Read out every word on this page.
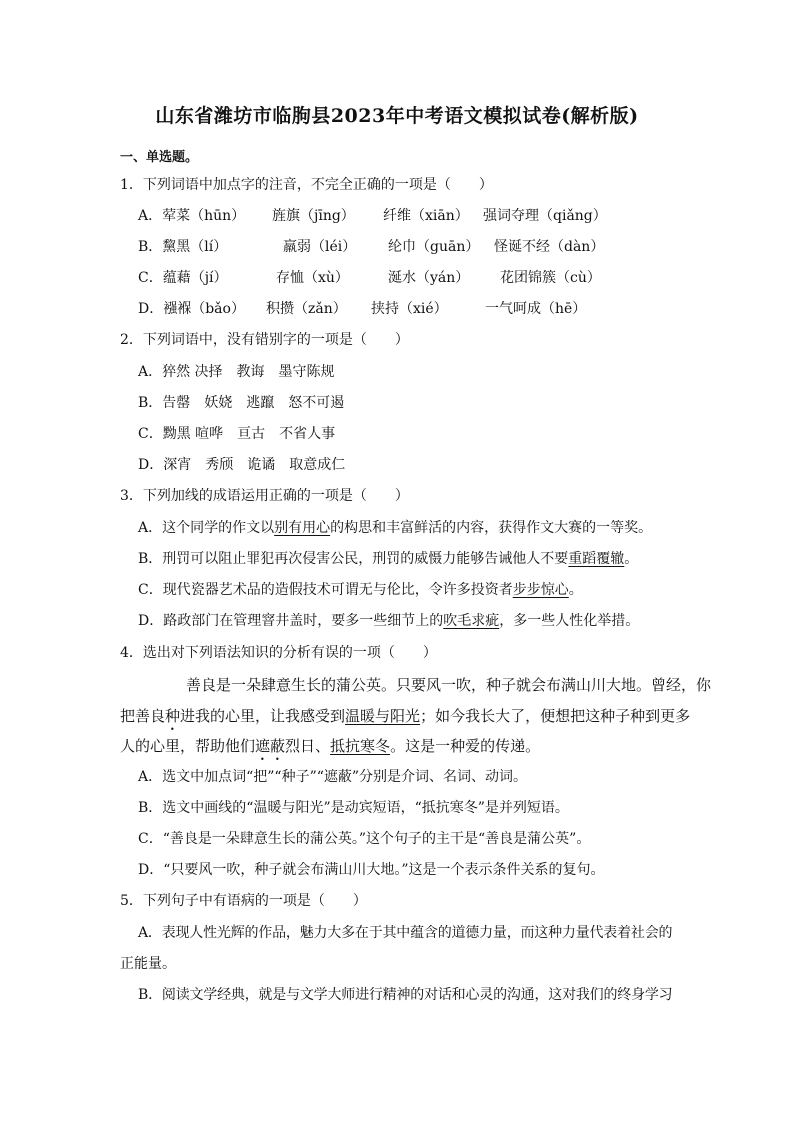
山东省潍坊市临朐县2023年中考语文模拟试卷(解析版)
一、单选题。
1．下列词语中加点字的注音，不完全正确的一项是（　　）
A．荤菜（hūn） 旌旗（jīng） 纤维（xiān） 强词夺理（qiǎng）
B．黧黑（lí）	羸弱（léi） 纶巾（guān） 怪诞不经（dàn）
C．蕴藉（jí）	存恤（xù）	涎水（yán） 花团锦簇（cù）
D．襁褓（bǎo） 积攒（zǎn） 挟持（xié）	一气呵成（hē）
2．下列词语中，没有错别字的一项是（　　）
A．猝然 决择　教诲　墨守陈规
B．告罄　妖娆　逃躥　怒不可遏
C．黝黑 喧哗　亘古　不省人事
D．深宵　秀颀　诡谲　取意成仁
3．下列加线的成语运用正确的一项是（　　）
A．这个同学的作文以别有用心的构思和丰富鲜活的内容，获得作文大赛的一等奖。
B．刑罚可以阻止罪犯再次侵害公民，刑罚的威慑力能够告诫他人不要重蹈覆辙。
C．现代瓷器艺术品的造假技术可谓无与伦比，令许多投资者步步惊心。
D．路政部门在管理窨井盖时，要多一些细节上的吹毛求疵，多一些人性化举措。
4．选出对下列语法知识的分析有误的一项（　　）
善良是一朵肆意生长的蒲公英。只要风一吹，种子就会布满山川大地。曾经，你
把善良种进我的心里，让我感受到温暖与阳光；如今我长大了，便想把这种子种到更多
人的心里，帮助他们遮蔽烈日、抵抗寒冬。这是一种爱的传递。
A．选文中加点词“把”“种子”“遮蔽”分别是介词、名词、动词。
B．选文中画线的“温暖与阳光”是动宾短语，“抵抗寒冬”是并列短语。
C．“善良是一朵肆意生长的蒲公英。”这个句子的主干是“善良是蒲公英”。
D．“只要风一吹，种子就会布满山川大地。”这是一个表示条件关系的复句。
5．下列句子中有语病的一项是（　　）
A．表现人性光辉的作品，魅力大多在于其中蕴含的道德力量，而这种力量代表着社会的
正能量。
B．阅读文学经典，就是与文学大师进行精神的对话和心灵的沟通，这对我们的终身学习
